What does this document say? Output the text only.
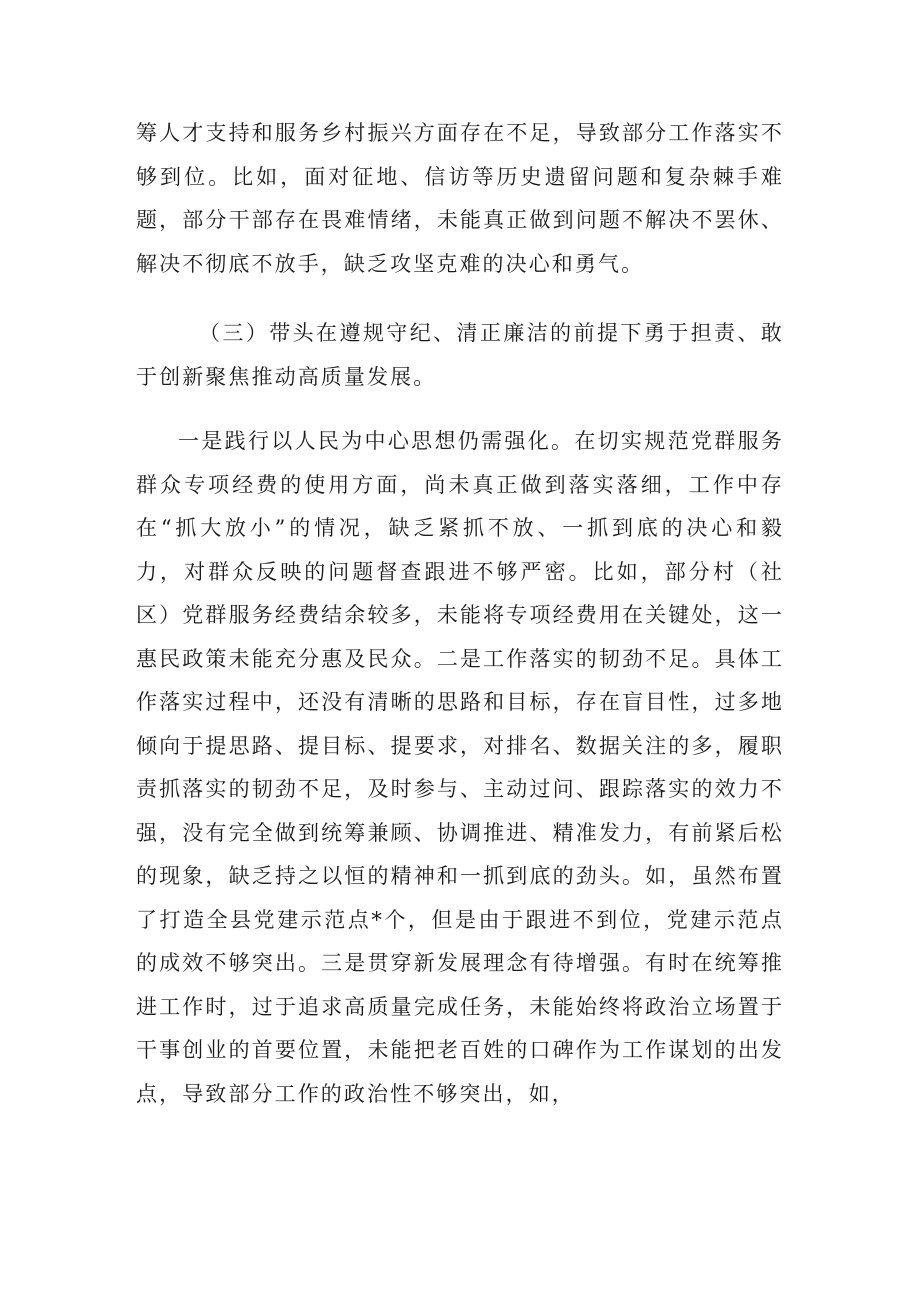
筹人才支持和服务乡村振兴方面存在不足，导致部分工作落实不够到位。比如，面对征地、信访等历史遗留问题和复杂棘手难题，部分干部存在畏难情绪，未能真正做到问题不解决不罢休、解决不彻底不放手，缺乏攻坚克难的决心和勇气。

（三）带头在遵规守纪、清正廉洁的前提下勇于担责、敢于创新聚焦推动高质量发展。

一是践行以人民为中心思想仍需强化。在切实规范党群服务群众专项经费的使用方面，尚未真正做到落实落细，工作中存在“抓大放小”的情况，缺乏紧抓不放、一抓到底的决心和毅力，对群众反映的问题督查跟进不够严密。比如，部分村（社区）党群服务经费结余较多，未能将专项经费用在关键处，这一惠民政策未能充分惠及民众。二是工作落实的韧劲不足。具体工作落实过程中，还没有清晰的思路和目标，存在盲目性，过多地倾向于提思路、提目标、提要求，对排名、数据关注的多，履职责抓落实的韧劲不足，及时参与、主动过问、跟踪落实的效力不强，没有完全做到统筹兼顾、协调推进、精准发力，有前紧后松的现象，缺乏持之以恒的精神和一抓到底的劲头。如，虽然布置了打造全县党建示范点*个，但是由于跟进不到位，党建示范点的成效不够突出。三是贯穿新发展理念有待增强。有时在统筹推进工作时，过于追求高质量完成任务，未能始终将政治立场置于干事创业的首要位置，未能把老百姓的口碑作为工作谋划的出发点，导致部分工作的政治性不够突出，如，
